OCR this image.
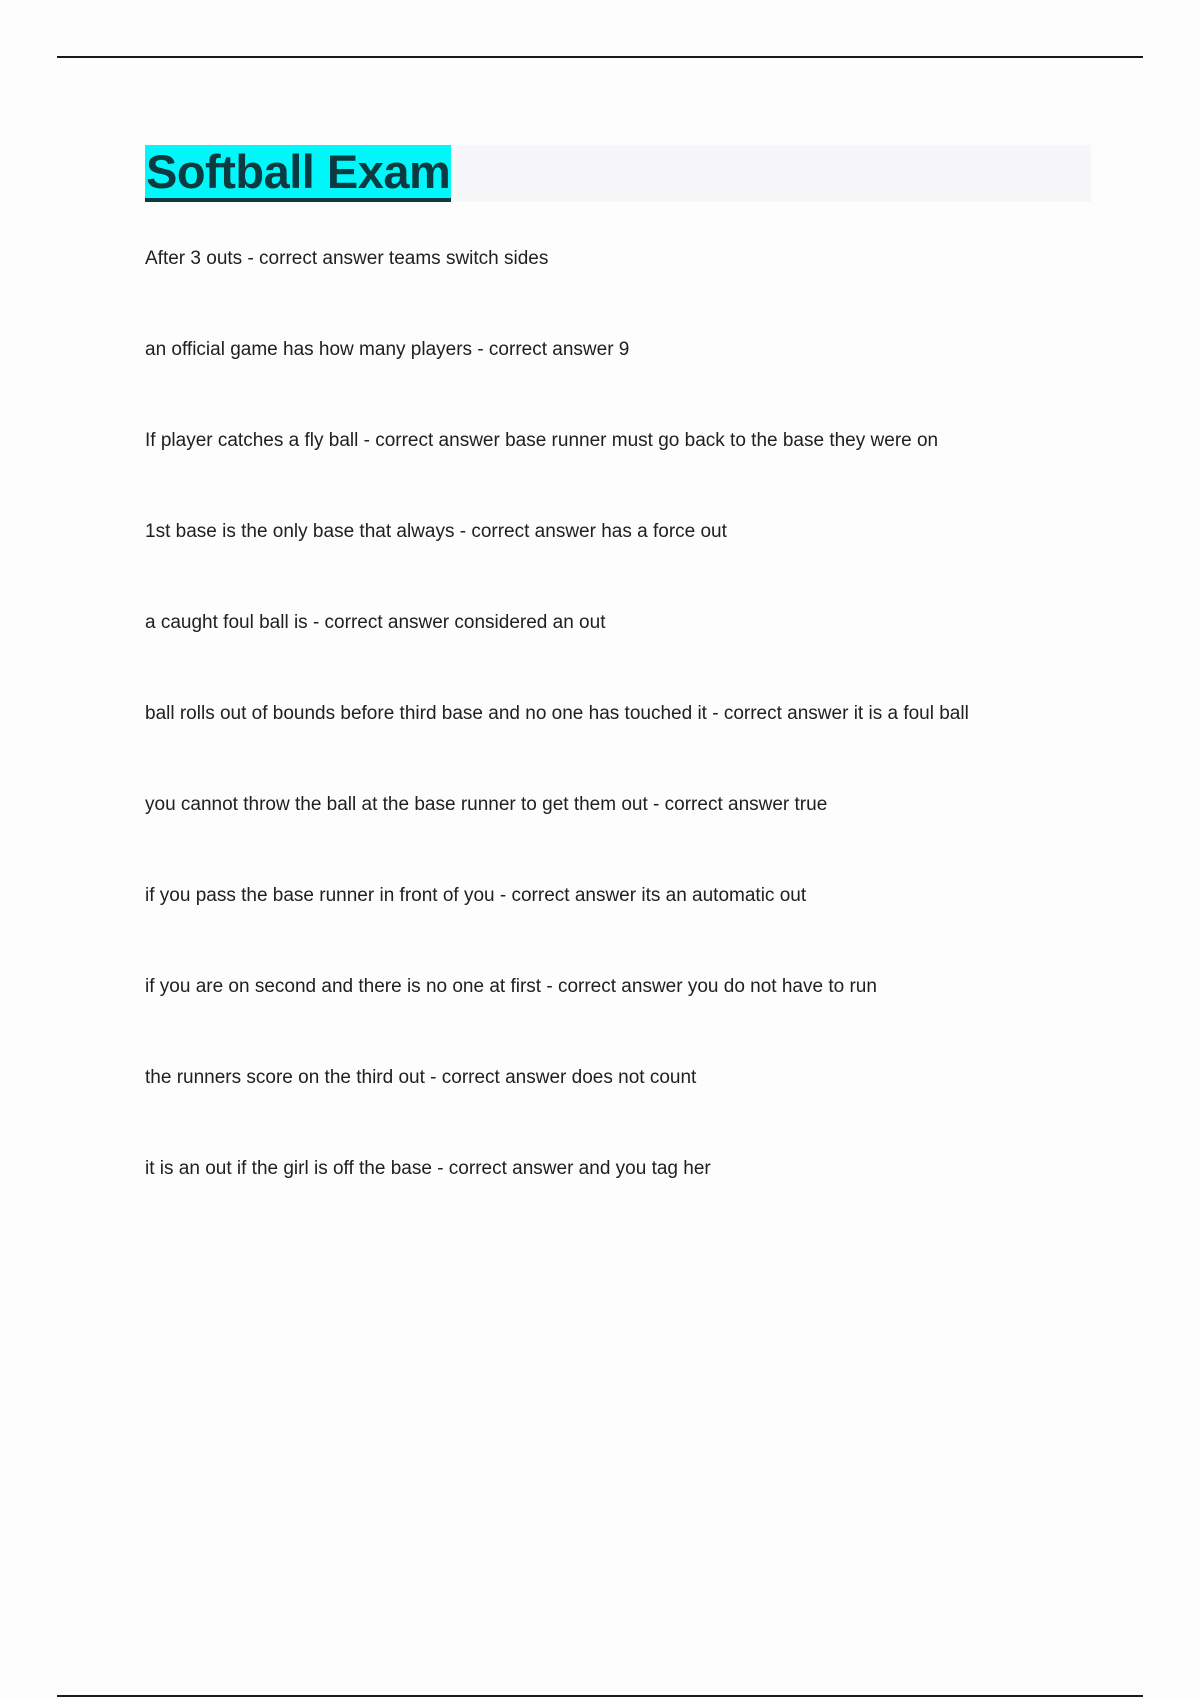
Softball Exam
After 3 outs - correct answer teams switch sides
an official game has how many players - correct answer 9
If player catches a fly ball - correct answer base runner must go back to the base they were on
1st base is the only base that always - correct answer has a force out
a caught foul ball is - correct answer considered an out
ball rolls out of bounds before third base and no one has touched it - correct answer it is a foul ball
you cannot throw the ball at the base runner to get them out - correct answer true
if you pass the base runner in front of you - correct answer its an automatic out
if you are on second and there is no one at first - correct answer you do not have to run
the runners score on the third out - correct answer does not count
it is an out if the girl is off the base - correct answer and you tag her
